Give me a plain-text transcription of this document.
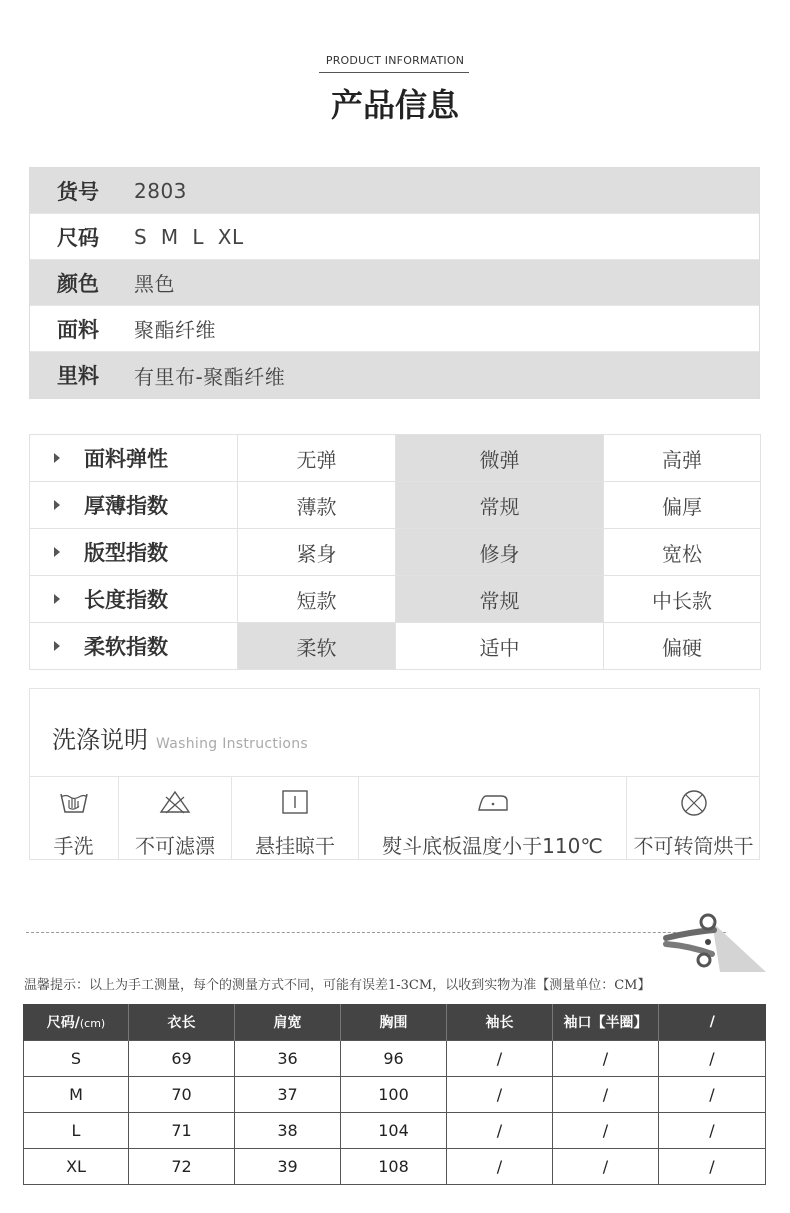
PRODUCT INFORMATION
产品信息
货号	2803
尺码	S  M  L  XL
颜色	黑色
面料	聚酯纤维
里料	有里布-聚酯纤维
面料弹性	无弹	微弹	高弹
厚薄指数	薄款	常规	偏厚
版型指数	紧身	修身	宽松
长度指数	短款	常规	中长款
柔软指数	柔软	适中	偏硬
洗涤说明 Washing Instructions
手洗	不可滤漂	悬挂晾干	熨斗底板温度小于110℃	不可转筒烘干
温馨提示：以上为手工测量，每个的测量方式不同，可能有误差1-3CM，以收到实物为准【测量单位：CM】
尺码/(cm)	衣长	肩宽	胸围	袖长	袖口【半圈】	/
S	69	36	96	/	/	/
M	70	37	100	/	/	/
L	71	38	104	/	/	/
XL	72	39	108	/	/	/
